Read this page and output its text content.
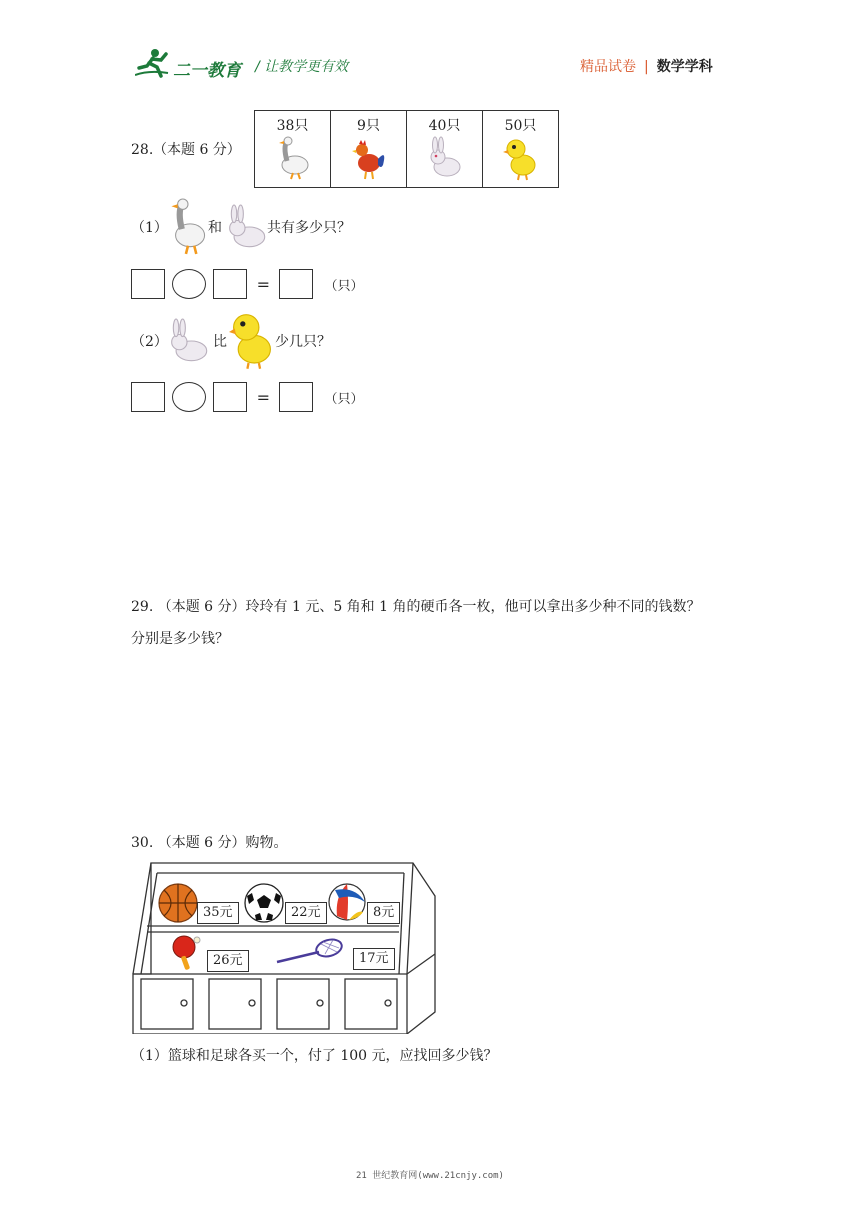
二一教育 / 让教学更有效	精品试卷 | 数学学科
28. （本题 6 分）
38只	9只	40只	50只
（1）	和	共有多少只？
=	（只）
（2）	比	少几只？
=	（只）
29. （本题 6 分）玲玲有 1 元、5 角和 1 角的硬币各一枚，他可以拿出多少种不同的钱数？
分别是多少钱？
30. （本题 6 分）购物。
35元	22元	8元
26元	17元
（1）篮球和足球各买一个，付了 100 元，应找回多少钱？
21 世纪教育网(www.21cnjy.com)
